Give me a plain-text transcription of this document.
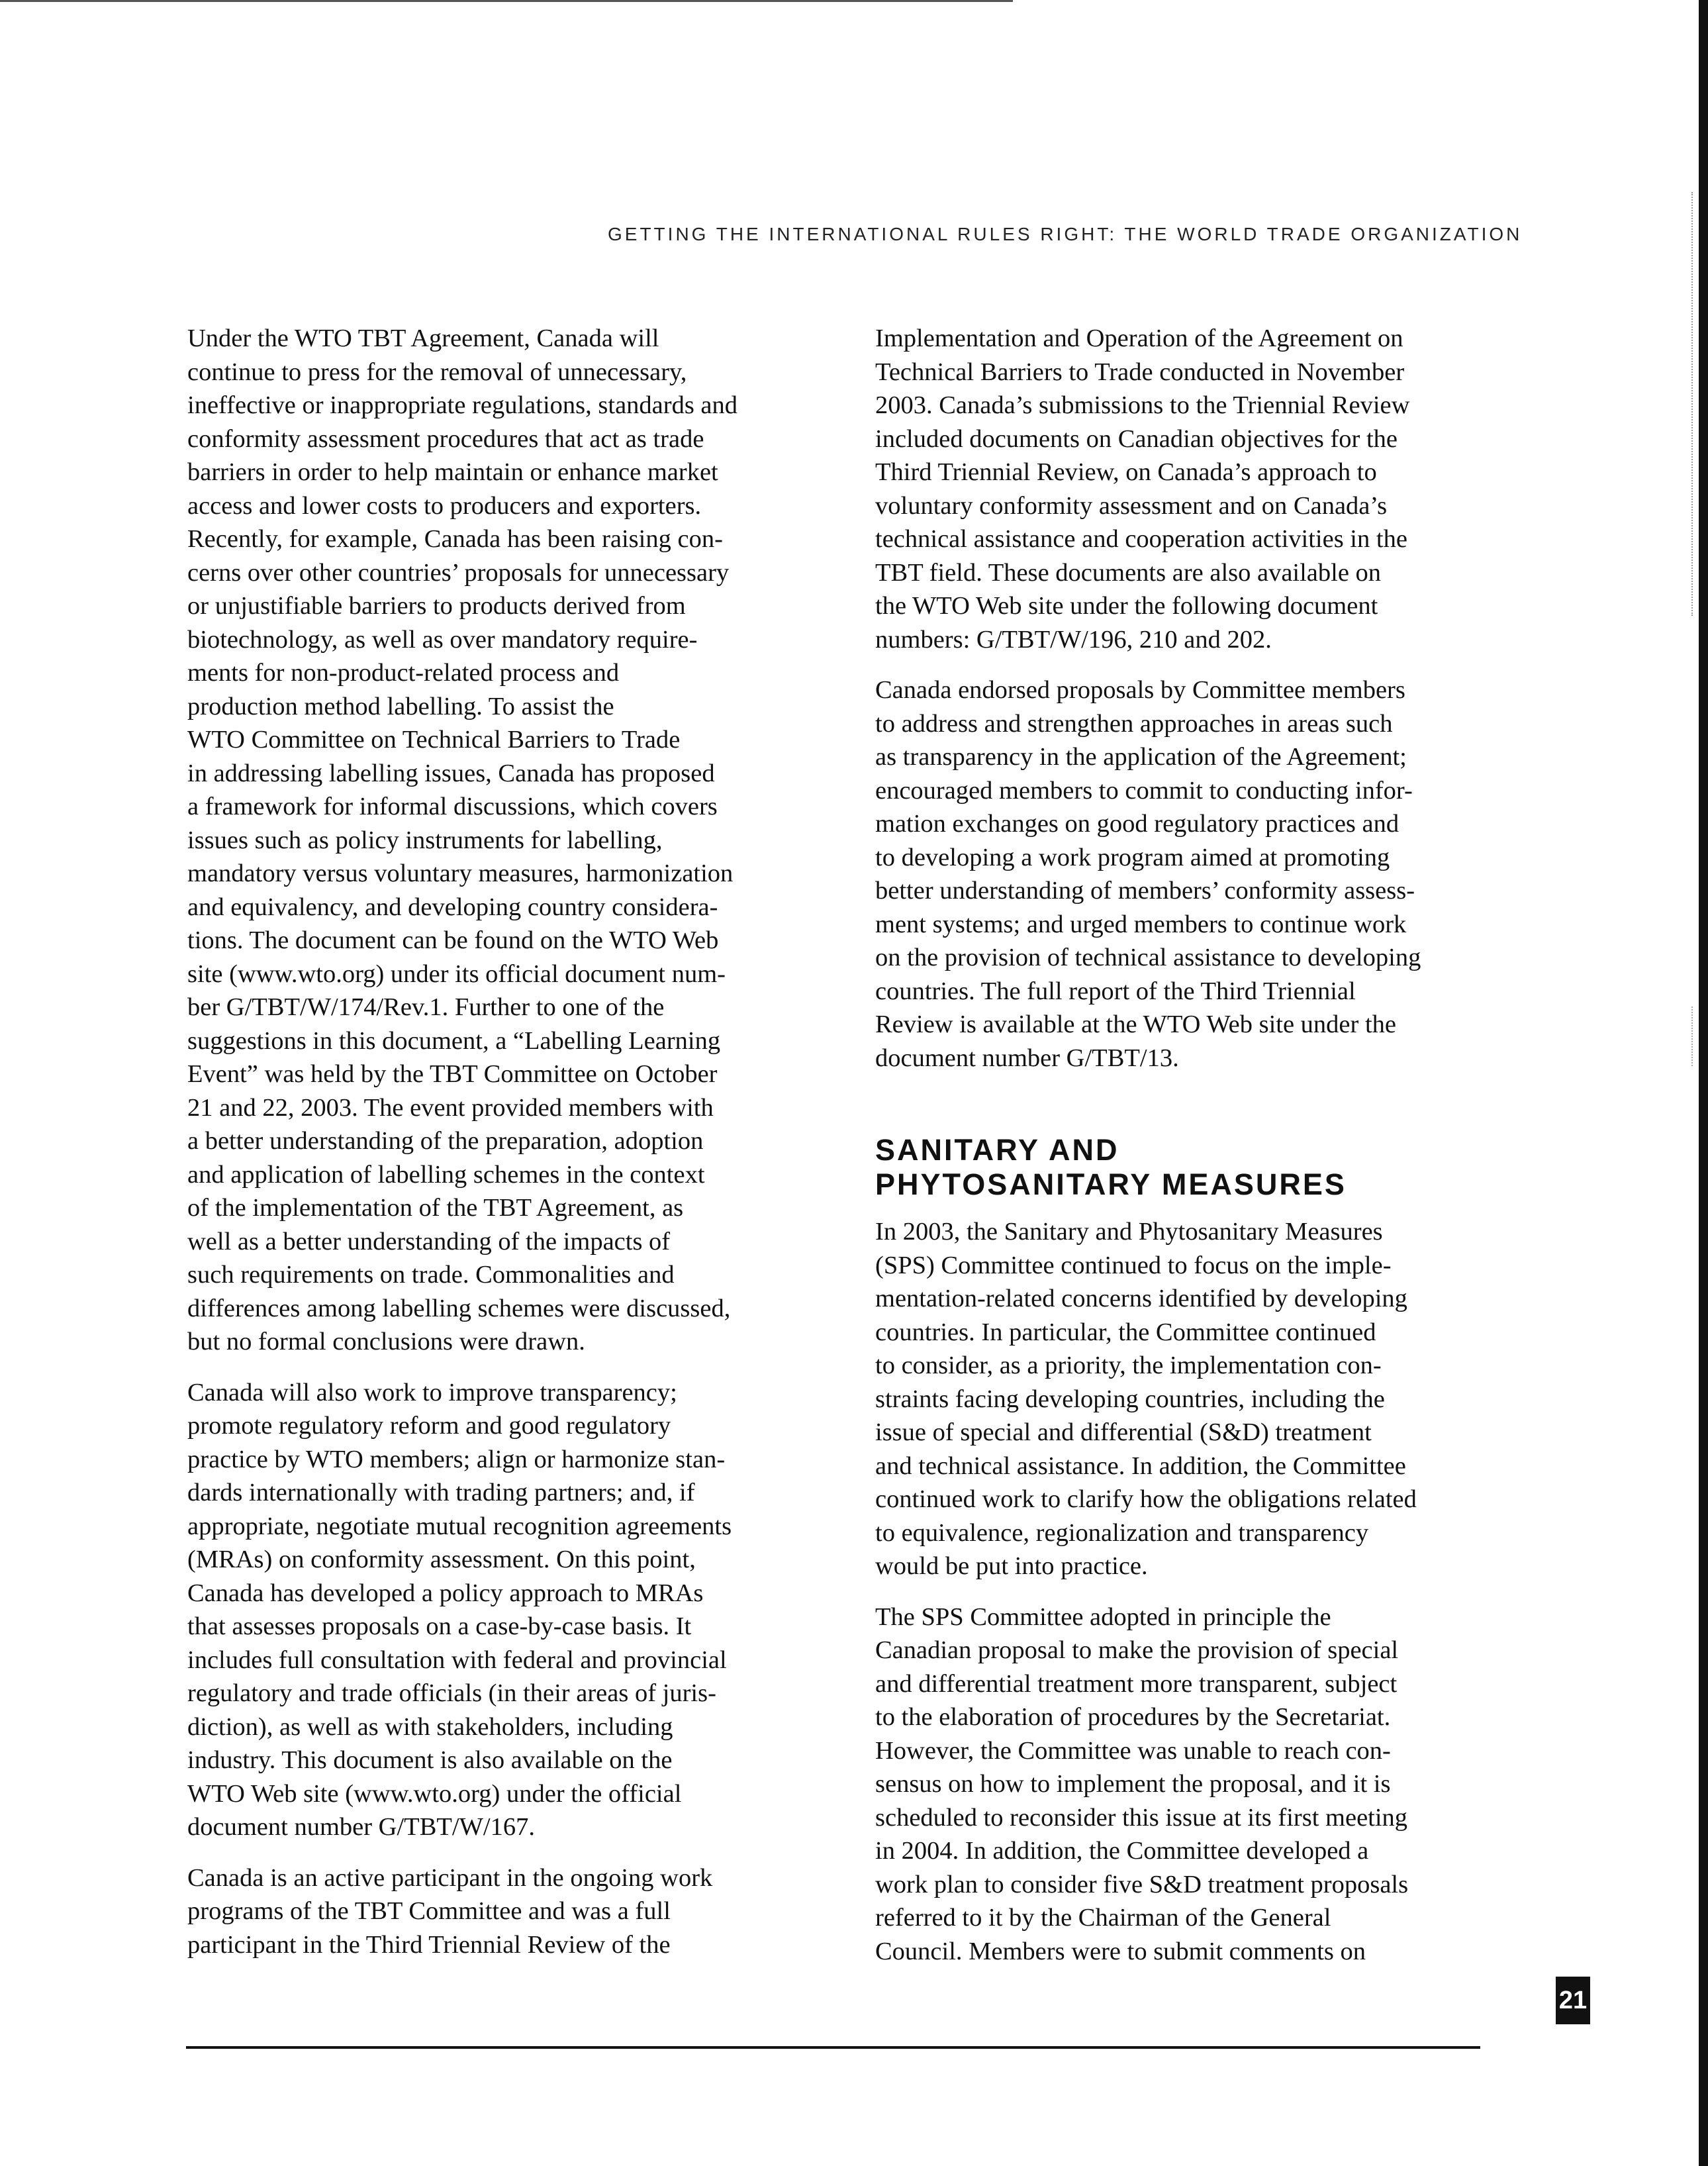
GETTING THE INTERNATIONAL RULES RIGHT: THE WORLD TRADE ORGANIZATION

Under the WTO TBT Agreement, Canada will
continue to press for the removal of unnecessary,
ineffective or inappropriate regulations, standards and
conformity assessment procedures that act as trade
barriers in order to help maintain or enhance market
access and lower costs to producers and exporters.
Recently, for example, Canada has been raising con-
cerns over other countries’ proposals for unnecessary
or unjustifiable barriers to products derived from
biotechnology, as well as over mandatory require-
ments for non-product-related process and
production method labelling. To assist the
WTO Committee on Technical Barriers to Trade
in addressing labelling issues, Canada has proposed
a framework for informal discussions, which covers
issues such as policy instruments for labelling,
mandatory versus voluntary measures, harmonization
and equivalency, and developing country considera-
tions. The document can be found on the WTO Web
site (www.wto.org) under its official document num-
ber G/TBT/W/174/Rev.1. Further to one of the
suggestions in this document, a “Labelling Learning
Event” was held by the TBT Committee on October
21 and 22, 2003. The event provided members with
a better understanding of the preparation, adoption
and application of labelling schemes in the context
of the implementation of the TBT Agreement, as
well as a better understanding of the impacts of
such requirements on trade. Commonalities and
differences among labelling schemes were discussed,
but no formal conclusions were drawn.

Canada will also work to improve transparency;
promote regulatory reform and good regulatory
practice by WTO members; align or harmonize stan-
dards internationally with trading partners; and, if
appropriate, negotiate mutual recognition agreements
(MRAs) on conformity assessment. On this point,
Canada has developed a policy approach to MRAs
that assesses proposals on a case-by-case basis. It
includes full consultation with federal and provincial
regulatory and trade officials (in their areas of juris-
diction), as well as with stakeholders, including
industry. This document is also available on the
WTO Web site (www.wto.org) under the official
document number G/TBT/W/167.

Canada is an active participant in the ongoing work
programs of the TBT Committee and was a full
participant in the Third Triennial Review of the

Implementation and Operation of the Agreement on
Technical Barriers to Trade conducted in November
2003. Canada’s submissions to the Triennial Review
included documents on Canadian objectives for the
Third Triennial Review, on Canada’s approach to
voluntary conformity assessment and on Canada’s
technical assistance and cooperation activities in the
TBT field. These documents are also available on
the WTO Web site under the following document
numbers: G/TBT/W/196, 210 and 202.

Canada endorsed proposals by Committee members
to address and strengthen approaches in areas such
as transparency in the application of the Agreement;
encouraged members to commit to conducting infor-
mation exchanges on good regulatory practices and
to developing a work program aimed at promoting
better understanding of members’ conformity assess-
ment systems; and urged members to continue work
on the provision of technical assistance to developing
countries. The full report of the Third Triennial
Review is available at the WTO Web site under the
document number G/TBT/13.

SANITARY AND
PHYTOSANITARY MEASURES

In 2003, the Sanitary and Phytosanitary Measures
(SPS) Committee continued to focus on the imple-
mentation-related concerns identified by developing
countries. In particular, the Committee continued
to consider, as a priority, the implementation con-
straints facing developing countries, including the
issue of special and differential (S&D) treatment
and technical assistance. In addition, the Committee
continued work to clarify how the obligations related
to equivalence, regionalization and transparency
would be put into practice.

The SPS Committee adopted in principle the
Canadian proposal to make the provision of special
and differential treatment more transparent, subject
to the elaboration of procedures by the Secretariat.
However, the Committee was unable to reach con-
sensus on how to implement the proposal, and it is
scheduled to reconsider this issue at its first meeting
in 2004. In addition, the Committee developed a
work plan to consider five S&D treatment proposals
referred to it by the Chairman of the General
Council. Members were to submit comments on

21
